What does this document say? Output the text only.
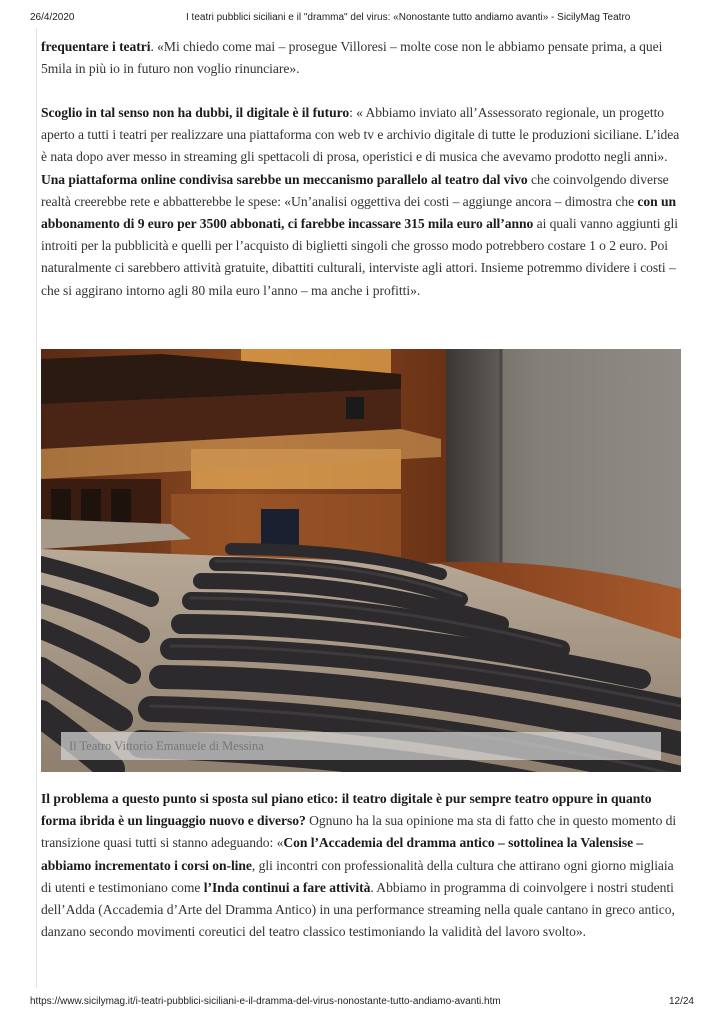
26/4/2020	I teatri pubblici siciliani e il "dramma" del virus: «Nonostante tutto andiamo avanti» - SicilyMag Teatro

frequentare i teatri. «Mi chiedo come mai – prosegue Villoresi – molte cose non le abbiamo pensate prima, a quei 5mila in più io in futuro non voglio rinunciare».

Scoglio in tal senso non ha dubbi, il digitale è il futuro: « Abbiamo inviato all’Assessorato regionale, un progetto aperto a tutti i teatri per realizzare una piattaforma con web tv e archivio digitale di tutte le produzioni siciliane. L’idea è nata dopo aver messo in streaming gli spettacoli di prosa, operistici e di musica che avevamo prodotto negli anni». Una piattaforma online condivisa sarebbe un meccanismo parallelo al teatro dal vivo che coinvolgendo diverse realtà creerebbe rete e abbatterebbe le spese: «Un’analisi oggettiva dei costi – aggiunge ancora – dimostra che con un abbonamento di 9 euro per 3500 abbonati, ci farebbe incassare 315 mila euro all’anno ai quali vanno aggiunti gli introiti per la pubblicità e quelli per l’acquisto di biglietti singoli che grosso modo potrebbero costare 1 o 2 euro. Poi naturalmente ci sarebbero attività gratuite, dibattiti culturali, interviste agli attori. Insieme potremmo dividere i costi – che si aggirano intorno agli 80 mila euro l’anno – ma anche i profitti».

Il Teatro Vittorio Emanuele di Messina

Il problema a questo punto si sposta sul piano etico: il teatro digitale è pur sempre teatro oppure in quanto forma ibrida è un linguaggio nuovo e diverso? Ognuno ha la sua opinione ma sta di fatto che in questo momento di transizione quasi tutti si stanno adeguando: «Con l’Accademia del dramma antico – sottolinea la Valensise – abbiamo incrementato i corsi on-line, gli incontri con professionalità della cultura che attirano ogni giorno migliaia di utenti e testimoniano come l’Inda continui a fare attività. Abbiamo in programma di coinvolgere i nostri studenti dell’Adda (Accademia d’Arte del Dramma Antico) in una performance streaming nella quale cantano in greco antico, danzano secondo movimenti coreutici del teatro classico testimoniando la validità del lavoro svolto».

https://www.sicilymag.it/i-teatri-pubblici-siciliani-e-il-dramma-del-virus-nonostante-tutto-andiamo-avanti.htm	12/24
